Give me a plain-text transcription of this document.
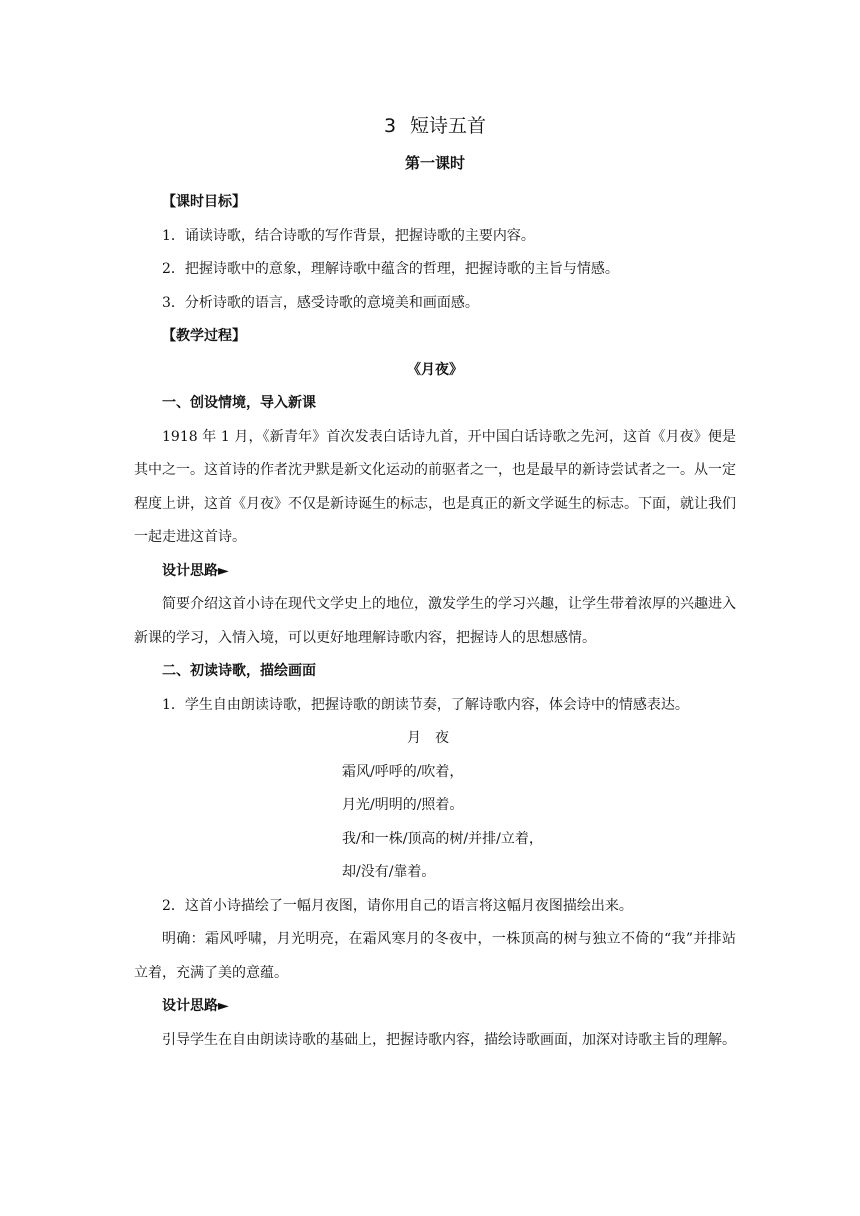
3 短诗五首
第一课时
【课时目标】

1．诵读诗歌，结合诗歌的写作背景，把握诗歌的主要内容。

2．把握诗歌中的意象，理解诗歌中蕴含的哲理，把握诗歌的主旨与情感。

3．分析诗歌的语言，感受诗歌的意境美和画面感。

【教学过程】
《月夜》
一、创设情境，导入新课

1918 年 1 月，《新青年》首次发表白话诗九首，开中国白话诗歌之先河，这首《月夜》便是其中之一。这首诗的作者沈尹默是新文化运动的前驱者之一，也是最早的新诗尝试者之一。从一定程度上讲，这首《月夜》不仅是新诗诞生的标志，也是真正的新文学诞生的标志。下面，就让我们一起走进这首诗。

设计思路►

简要介绍这首小诗在现代文学史上的地位，激发学生的学习兴趣，让学生带着浓厚的兴趣进入新课的学习，入情入境，可以更好地理解诗歌内容，把握诗人的思想感情。

二、初读诗歌，描绘画面

1．学生自由朗读诗歌，把握诗歌的朗读节奏，了解诗歌内容，体会诗中的情感表达。

月夜
霜风/呼呼的/吹着，
月光/明明的/照着。
我/和一株/顶高的树/并排/立着，
却/没有/靠着。

2．这首小诗描绘了一幅月夜图，请你用自己的语言将这幅月夜图描绘出来。

明确：霜风呼啸，月光明亮，在霜风寒月的冬夜中，一株顶高的树与独立不倚的“我”并排站立着，充满了美的意蕴。

设计思路►

引导学生在自由朗读诗歌的基础上，把握诗歌内容，描绘诗歌画面，加深对诗歌主旨的理解。
